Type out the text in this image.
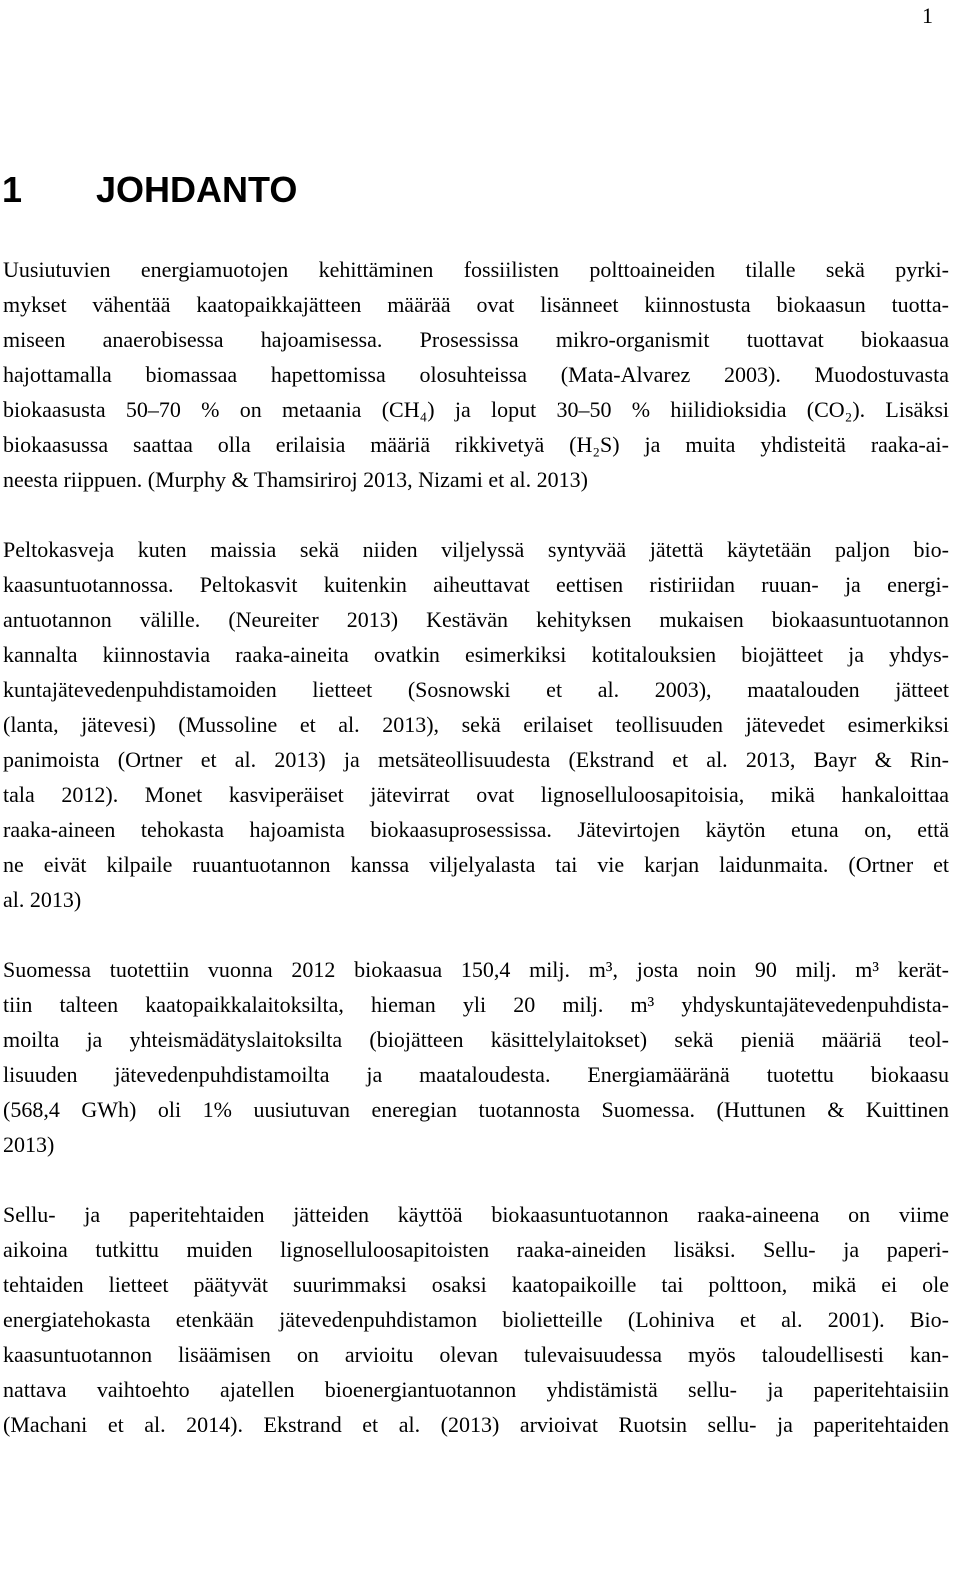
1
1 JOHDANTO

Uusiutuvien energiamuotojen kehittäminen fossiilisten polttoaineiden tilalle sekä pyrki-
mykset vähentää kaatopaikkajätteen määrää ovat lisänneet kiinnostusta biokaasun tuotta-
miseen anaerobisessa hajoamisessa. Prosessissa mikro-organismit tuottavat biokaasua
hajottamalla biomassaa hapettomissa olosuhteissa (Mata-Alvarez 2003). Muodostuvasta
biokaasusta 50–70 % on metaania (CH₄) ja loput 30–50 % hiilidioksidia (CO₂). Lisäksi
biokaasussa saattaa olla erilaisia määriä rikkivetyä (H₂S) ja muita yhdisteitä raaka-ai-
neesta riippuen. (Murphy & Thamsiriroj 2013, Nizami et al. 2013)

Peltokasveja kuten maissia sekä niiden viljelyssä syntyvää jätettä käytetään paljon bio-
kaasuntuotannossa. Peltokasvit kuitenkin aiheuttavat eettisen ristiriidan ruuan- ja energi-
antuotannon välille. (Neureiter 2013) Kestävän kehityksen mukaisen biokaasuntuotannon
kannalta kiinnostavia raaka-aineita ovatkin esimerkiksi kotitalouksien biojätteet ja yhdys-
kuntajätevedenpuhdistamoiden lietteet (Sosnowski et al. 2003), maatalouden jätteet
(lanta, jätevesi) (Mussoline et al. 2013), sekä erilaiset teollisuuden jätevedet esimerkiksi
panimoista (Ortner et al. 2013) ja metsäteollisuudesta (Ekstrand et al. 2013, Bayr & Rin-
tala 2012). Monet kasviperäiset jätevirrat ovat lignoselluloosapitoisia, mikä hankaloittaa
raaka-aineen tehokasta hajoamista biokaasuprosessissa. Jätevirtojen käytön etuna on, että
ne eivät kilpaile ruuantuotannon kanssa viljelyalasta tai vie karjan laidunmaita. (Ortner et
al. 2013)

Suomessa tuotettiin vuonna 2012 biokaasua 150,4 milj. m³, josta noin 90 milj. m³ kerät-
tiin talteen kaatopaikkalaitoksilta, hieman yli 20 milj. m³ yhdyskuntajätevedenpuhdista-
moilta ja yhteismädätyslaitoksilta (biojätteen käsittelylaitokset) sekä pieniä määriä teol-
lisuuden jätevedenpuhdistamoilta ja maataloudesta. Energiamääränä tuotettu biokaasu
(568,4 GWh) oli 1% uusiutuvan eneregian tuotannosta Suomessa. (Huttunen & Kuittinen
2013)

Sellu- ja paperitehtaiden jätteiden käyttöä biokaasuntuotannon raaka-aineena on viime
aikoina tutkittu muiden lignoselluloosapitoisten raaka-aineiden lisäksi. Sellu- ja paperi-
tehtaiden lietteet päätyvät suurimmaksi osaksi kaatopaikoille tai polttoon, mikä ei ole
energiatehokasta etenkään jätevedenpuhdistamon biolietteille (Lohiniva et al. 2001). Bio-
kaasuntuotannon lisäämisen on arvioitu olevan tulevaisuudessa myös taloudellisesti kan-
nattava vaihtoehto ajatellen bioenergiantuotannon yhdistämistä sellu- ja paperitehtaisiin
(Machani et al. 2014). Ekstrand et al. (2013) arvioivat Ruotsin sellu- ja paperitehtaiden
